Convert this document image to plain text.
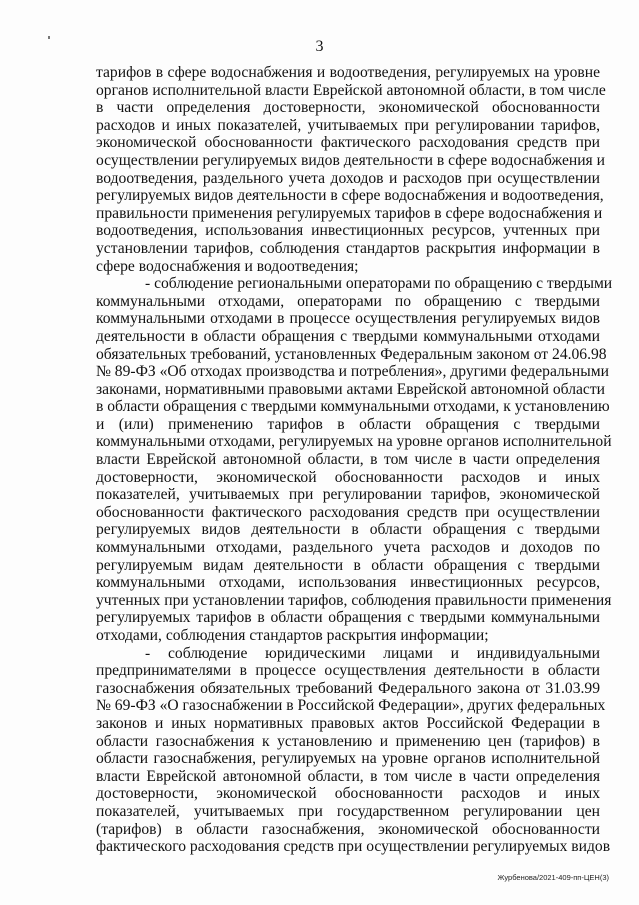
3
тарифов в сфере водоснабжения и водоотведения, регулируемых на уровне
органов исполнительной власти Еврейской автономной области, в том числе
в части определения достоверности, экономической обоснованности
расходов и иных показателей, учитываемых при регулировании тарифов,
экономической обоснованности фактического расходования средств при
осуществлении регулируемых видов деятельности в сфере водоснабжения и
водоотведения, раздельного учета доходов и расходов при осуществлении
регулируемых видов деятельности в сфере водоснабжения и водоотведения,
правильности применения регулируемых тарифов в сфере водоснабжения и
водоотведения, использования инвестиционных ресурсов, учтенных при
установлении тарифов, соблюдения стандартов раскрытия информации в
сфере водоснабжения и водоотведения;
- соблюдение региональными операторами по обращению с твердыми
коммунальными отходами, операторами по обращению с твердыми
коммунальными отходами в процессе осуществления регулируемых видов
деятельности в области обращения с твердыми коммунальными отходами
обязательных требований, установленных Федеральным законом от 24.06.98
№ 89-ФЗ «Об отходах производства и потребления», другими федеральными
законами, нормативными правовыми актами Еврейской автономной области
в области обращения с твердыми коммунальными отходами, к установлению
и (или) применению тарифов в области обращения с твердыми
коммунальными отходами, регулируемых на уровне органов исполнительной
власти Еврейской автономной области, в том числе в части определения
достоверности, экономической обоснованности расходов и иных
показателей, учитываемых при регулировании тарифов, экономической
обоснованности фактического расходования средств при осуществлении
регулируемых видов деятельности в области обращения с твердыми
коммунальными отходами, раздельного учета расходов и доходов по
регулируемым видам деятельности в области обращения с твердыми
коммунальными отходами, использования инвестиционных ресурсов,
учтенных при установлении тарифов, соблюдения правильности применения
регулируемых тарифов в области обращения с твердыми коммунальными
отходами, соблюдения стандартов раскрытия информации;
- соблюдение юридическими лицами и индивидуальными
предпринимателями в процессе осуществления деятельности в области
газоснабжения обязательных требований Федерального закона от 31.03.99
№ 69-ФЗ «О газоснабжении в Российской Федерации», других федеральных
законов и иных нормативных правовых актов Российской Федерации в
области газоснабжения к установлению и применению цен (тарифов) в
области газоснабжения, регулируемых на уровне органов исполнительной
власти Еврейской автономной области, в том числе в части определения
достоверности, экономической обоснованности расходов и иных
показателей, учитываемых при государственном регулировании цен
(тарифов) в области газоснабжения, экономической обоснованности
фактического расходования средств при осуществлении регулируемых видов
Журбенова/2021-409-пп-ЦЕН(3)
